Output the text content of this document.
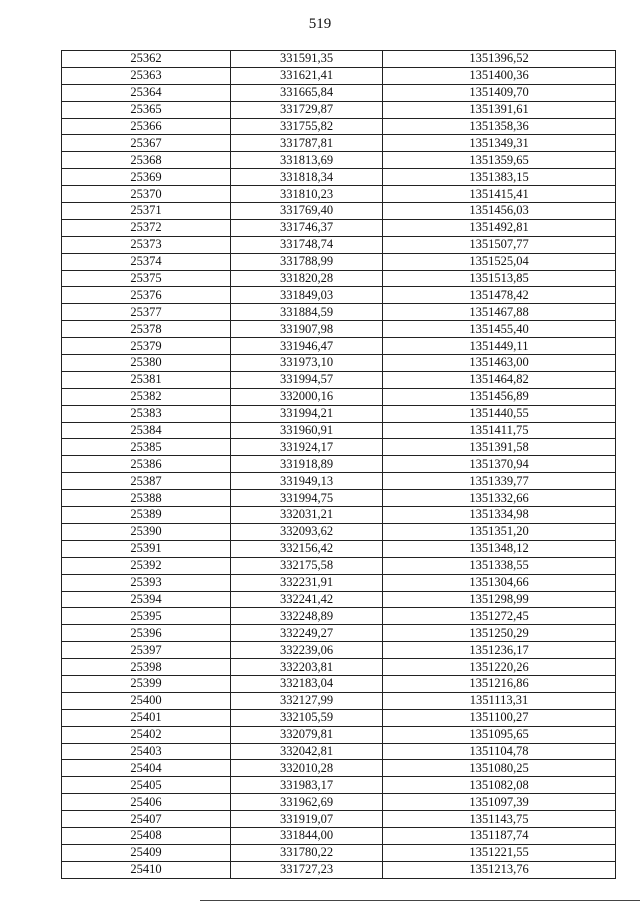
519
25362	331591,35	1351396,52
25363	331621,41	1351400,36
25364	331665,84	1351409,70
25365	331729,87	1351391,61
25366	331755,82	1351358,36
25367	331787,81	1351349,31
25368	331813,69	1351359,65
25369	331818,34	1351383,15
25370	331810,23	1351415,41
25371	331769,40	1351456,03
25372	331746,37	1351492,81
25373	331748,74	1351507,77
25374	331788,99	1351525,04
25375	331820,28	1351513,85
25376	331849,03	1351478,42
25377	331884,59	1351467,88
25378	331907,98	1351455,40
25379	331946,47	1351449,11
25380	331973,10	1351463,00
25381	331994,57	1351464,82
25382	332000,16	1351456,89
25383	331994,21	1351440,55
25384	331960,91	1351411,75
25385	331924,17	1351391,58
25386	331918,89	1351370,94
25387	331949,13	1351339,77
25388	331994,75	1351332,66
25389	332031,21	1351334,98
25390	332093,62	1351351,20
25391	332156,42	1351348,12
25392	332175,58	1351338,55
25393	332231,91	1351304,66
25394	332241,42	1351298,99
25395	332248,89	1351272,45
25396	332249,27	1351250,29
25397	332239,06	1351236,17
25398	332203,81	1351220,26
25399	332183,04	1351216,86
25400	332127,99	1351113,31
25401	332105,59	1351100,27
25402	332079,81	1351095,65
25403	332042,81	1351104,78
25404	332010,28	1351080,25
25405	331983,17	1351082,08
25406	331962,69	1351097,39
25407	331919,07	1351143,75
25408	331844,00	1351187,74
25409	331780,22	1351221,55
25410	331727,23	1351213,76
